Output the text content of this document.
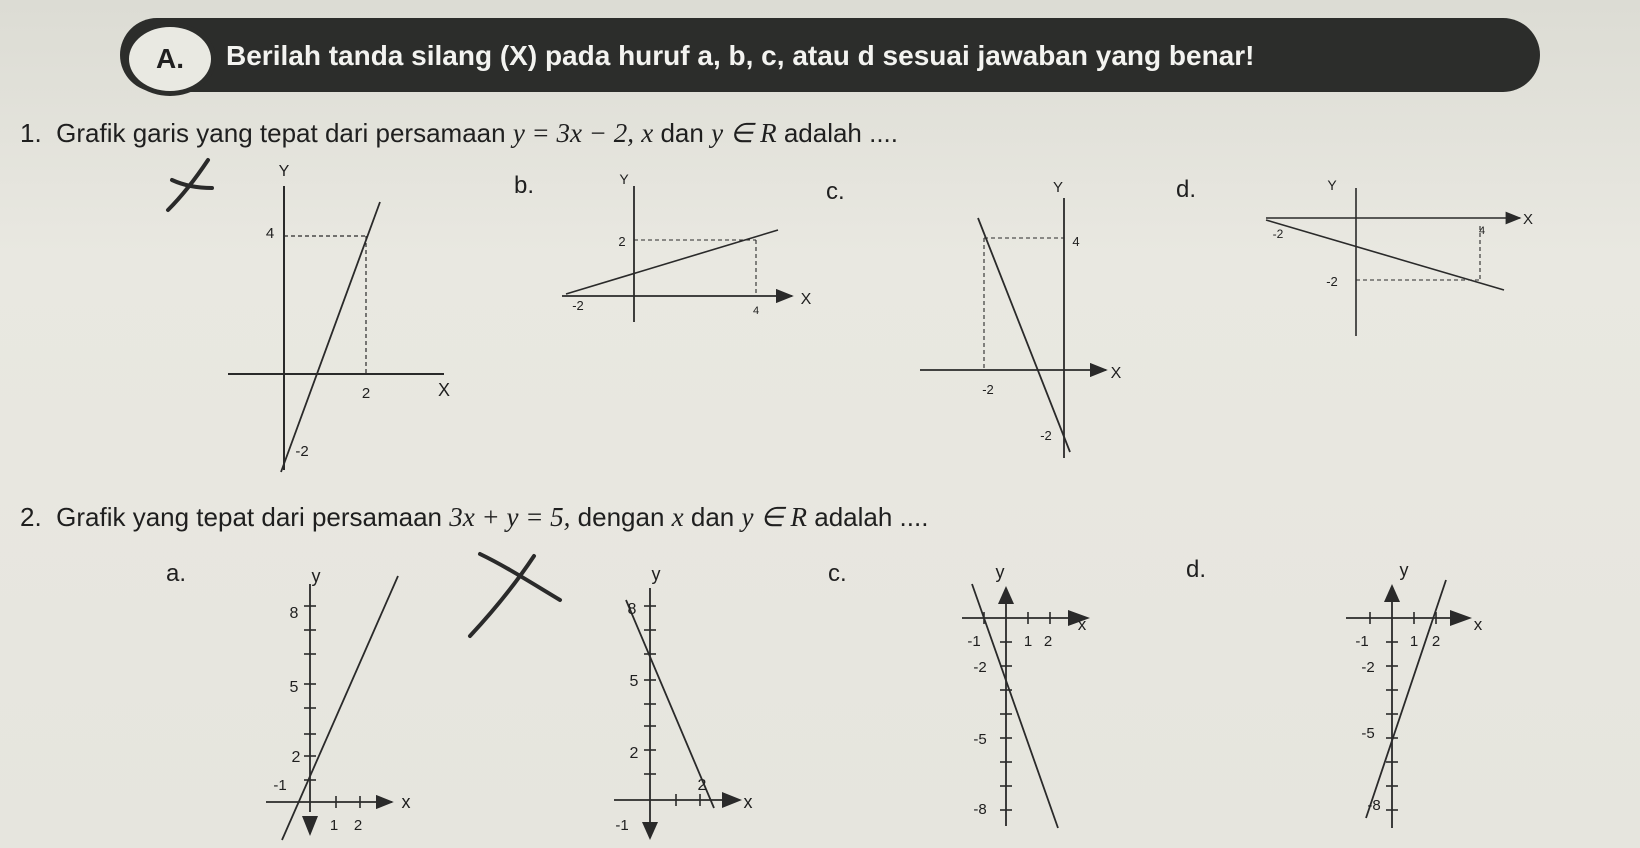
A. Berilah tanda silang (X) pada huruf a, b, c, atau d sesuai jawaban yang benar!
1. Grafik garis yang tepat dari persamaan y = 3x − 2, x dan y ∈ R adalah ....
b.	c.	d.
2. Grafik yang tepat dari persamaan 3x + y = 5, dengan x dan y ∈ R adalah ....
a.	c.	d.
Y
X
4
2
-2
Y
X
2
-2	4
Y
X
4
-2
-2
Y
X
-2	4
-2
y
x
8
5
2
-1
1 2
y
x
8
5
2
2
-1
y
x
-1	1 2
-2
-5
-8
y
x
-1	1 2
-2
-5
-8
